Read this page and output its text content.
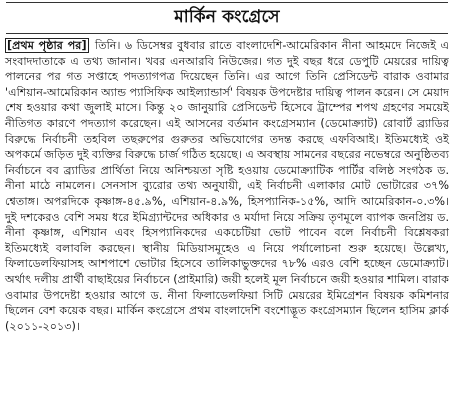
মার্কিন কংগ্রেসে
[প্রথম পৃষ্ঠার পর] তিনি। ৬ ডিসেম্বর বুধবার রাতে বাংলাদেশি-আমেরিকান নীনা আহমদে নিজেই এ সংবাদদাতাকে এ তথ্য জানান। খবর এনআরবি নিউজের। গত দুই বছর ধরে ডেপুটি মেয়রের দায়িত্ব পালনের পর গত সপ্তাহে পদত্যাগপত্র দিয়েছেন তিনি। এর আগে তিনি প্রেসিডেন্ট বারাক ওবামার 'এশিয়ান-আমেরিকান অ্যান্ড প্যাসিফিক আইল্যান্ডার্স' বিষয়ক উপদেষ্টার দায়িত্ব পালন করেন। সে মেয়াদ শেষ হওয়ার কথা জুলাই মাসে। কিন্তু ২০ জানুয়ারি প্রেসিডেন্ট হিসেবে ট্রাম্পের শপথ গ্রহণের সময়েই নীতিগত কারণে পদত্যাগ করেছেন। এই আসনের বর্তমান কংগ্রেসম্যান (ডেমোক্র্যাট) রোবার্ট ব্র্যাডির বিরুদ্ধে নির্বাচনী তহবিল তছরুপের গুরুতর অভিযোগের তদন্ত করছে এফবিআই। ইতিমধ্যেই ওই অপকর্মে জড়িত দুই ব্যক্তির বিরুদ্ধে চার্জ গঠিত হয়েছে। এ অবস্থায় সামনের বছরের নভেম্বরে অনুষ্ঠিতব্য নির্বাচনে বব ব্র্যাডির প্রার্থিতা নিয়ে অনিশ্চয়তা সৃষ্টি হওয়ায় ডেমোক্র্যাটিক পার্টির বলিষ্ঠ সংগঠক ড. নীনা মাঠে নামলেন। সেনসাস ব্যুরোর তথ্য অনুযায়ী, এই নির্বাচনী এলাকার মোট ভোটারের ৩৭% শ্বেতাঙ্গ। অপরদিকে কৃষ্ণাঙ্গ-৪৫.৯%, এশিয়ান-৪.৯%, হিসপ্যানিক-১৫%, আদি আমেরিকান-০.৩%। দুই দশকেরও বেশি সময় ধরে ইমিগ্র্যান্টদের অধিকার ও মর্যাদা নিয়ে সক্রিয় তৃণমূলে ব্যাপক জনপ্রিয় ড. নীনা কৃষ্ণাঙ্গ, এশিয়ান এবং হিসপ্যানিকদের একচেটিয়া ভোট পাবেন বলে নির্বাচনী বিশ্লেষকরা ইতিমধ্যেই বলাবলি করছেন। স্থানীয় মিডিয়াসমূহেও এ নিয়ে পর্যালোচনা শুরু হয়েছে। উল্লেখ্য, ফিলাডেলফিয়াসহ আশপাশে ভোটার হিসেবে তালিকাভুক্তদের ৭৮% এরও বেশি হচ্ছেন ডেমোক্র্যাট। অর্থাৎ দলীয় প্রার্থী বাছাইয়ের নির্বাচনে (প্রাইমারি) জয়ী হলেই মূল নির্বাচনে জয়ী হওয়ার শামিল। বারাক ওবামার উপদেষ্টা হওয়ার আগে ড. নীনা ফিলাডেলফিয়া সিটি মেয়রের ইমিগ্রেশন বিষয়ক কমিশনার ছিলেন বেশ কয়েক বছর। মার্কিন কংগ্রেসে প্রথম বাংলাদেশি বংশোদ্ভূত কংগ্রেসম্যান ছিলেন হাসিম ক্লার্ক (২০১১-২০১৩)।
